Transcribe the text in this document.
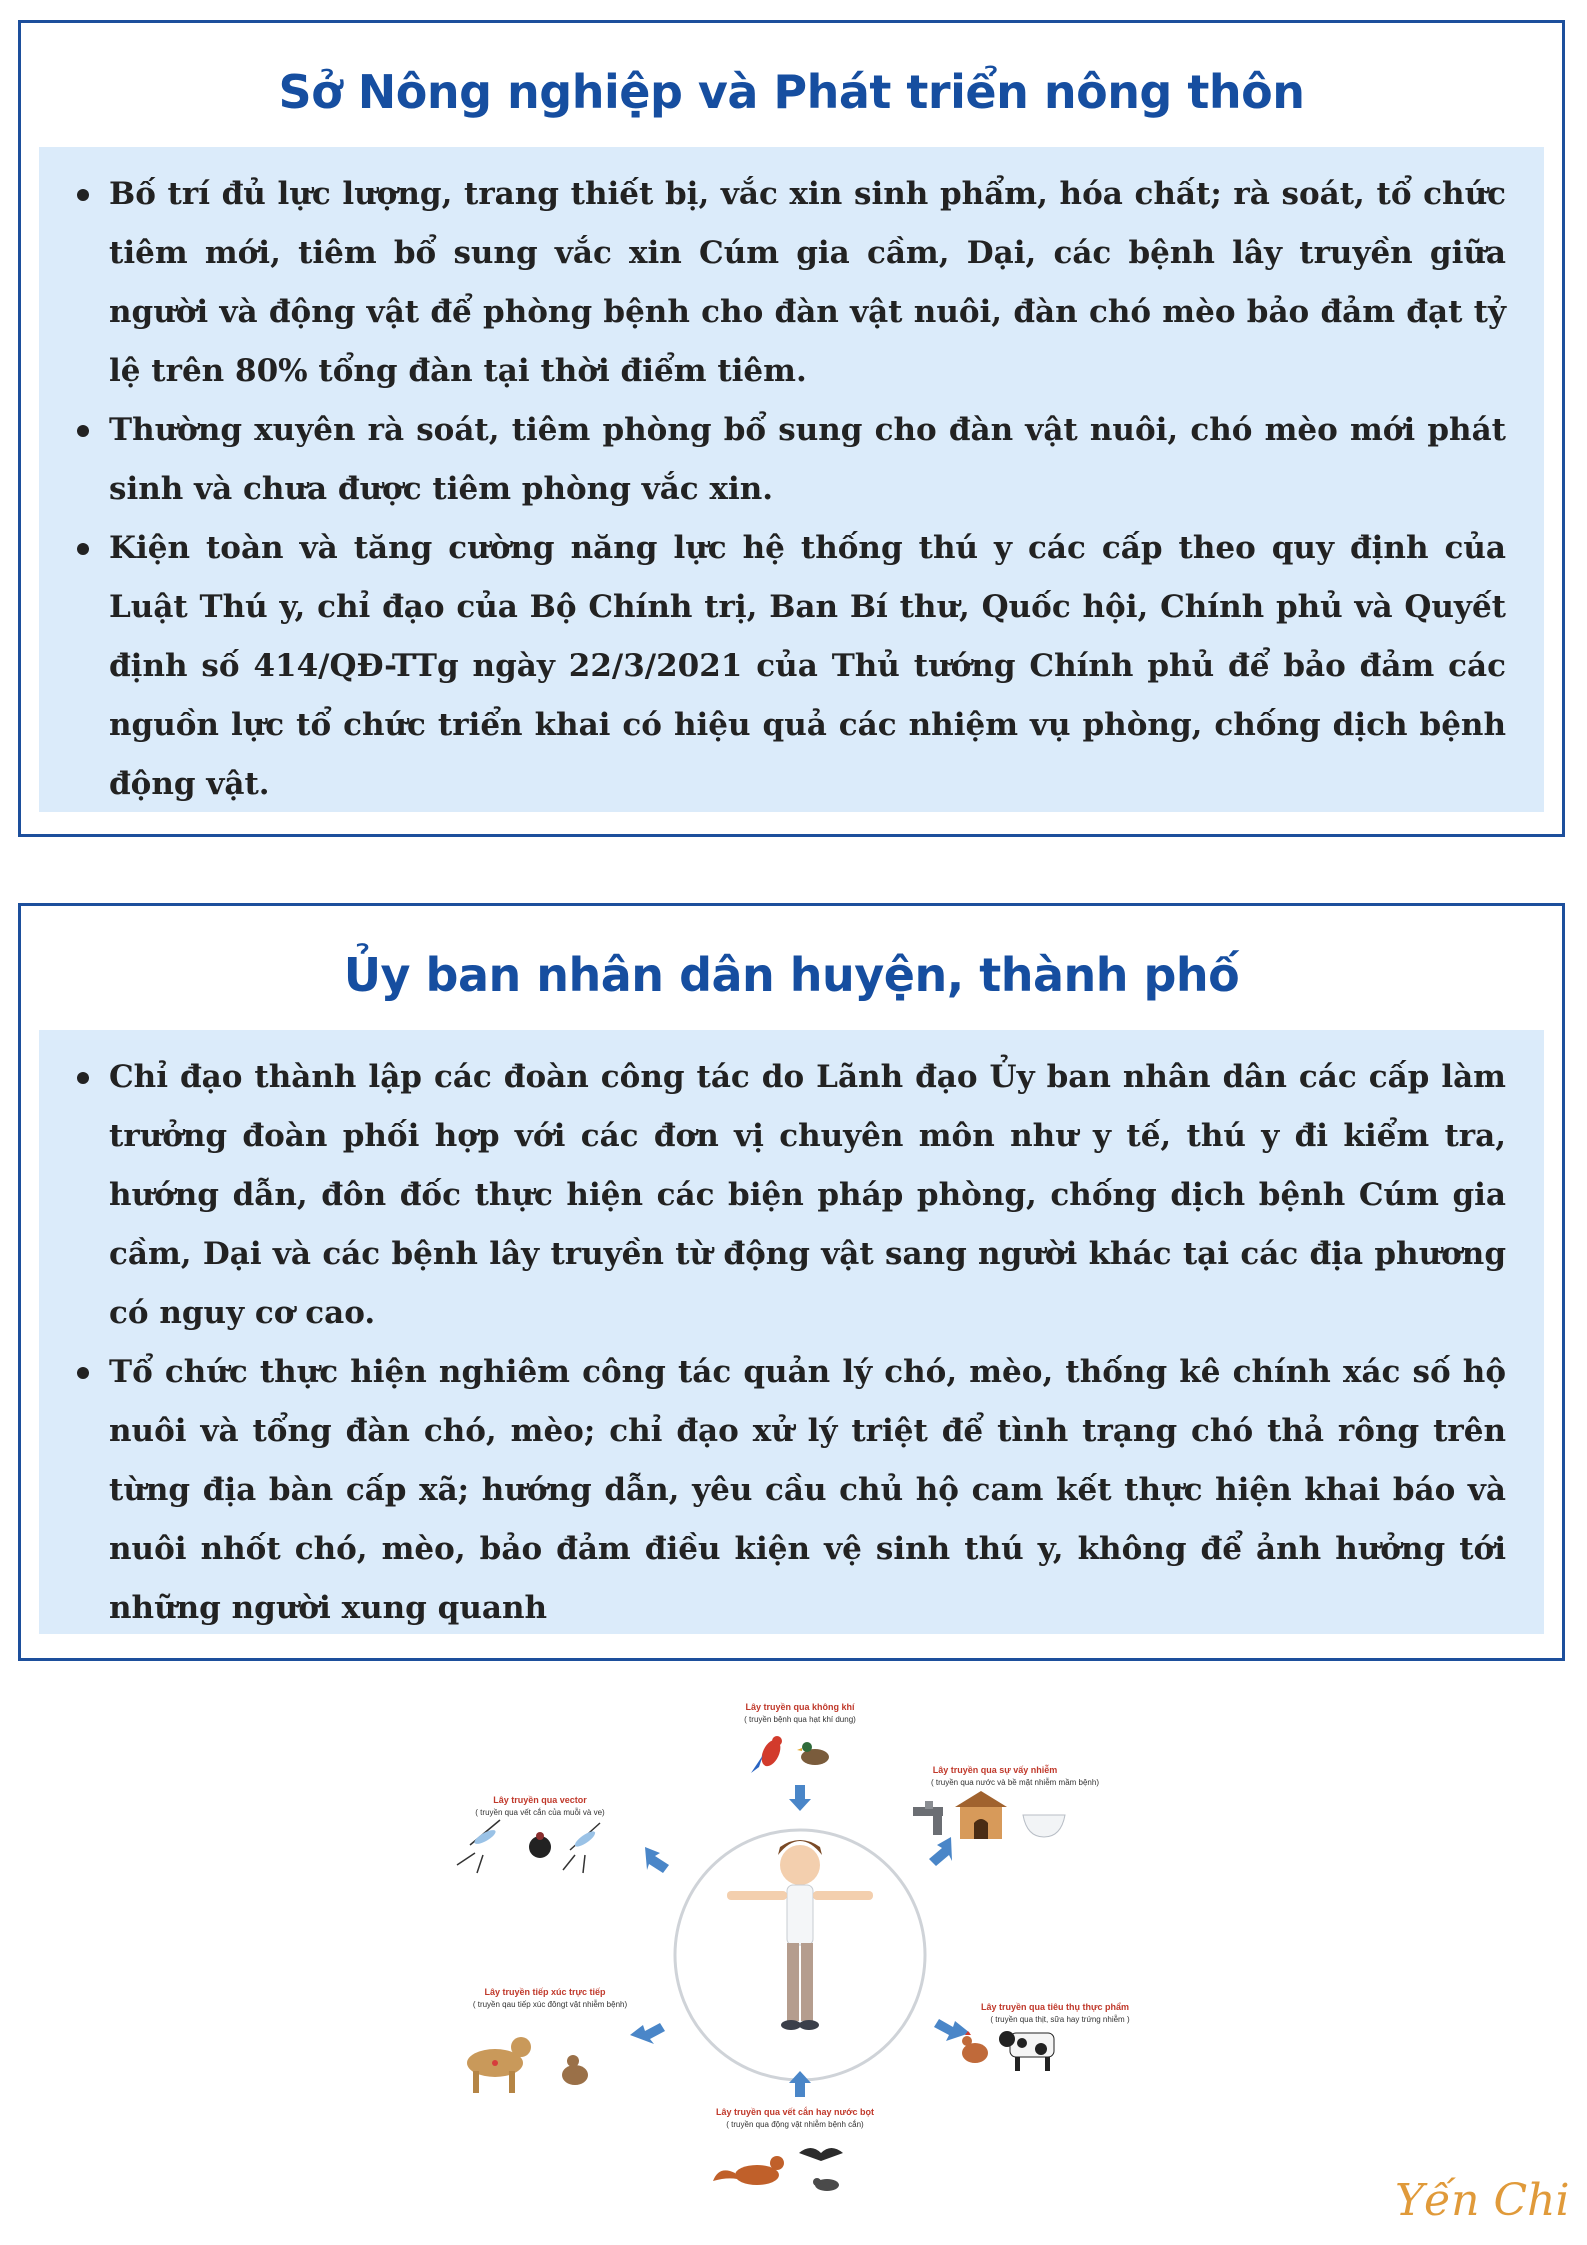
Sở Nông nghiệp và Phát triển nông thôn
Bố trí đủ lực lượng, trang thiết bị, vắc xin sinh phẩm, hóa chất; rà soát, tổ chức tiêm mới, tiêm bổ sung vắc xin Cúm gia cầm, Dại, các bệnh lây truyền giữa người và động vật để phòng bệnh cho đàn vật nuôi, đàn chó mèo bảo đảm đạt tỷ lệ trên 80% tổng đàn tại thời điểm tiêm.
Thường xuyên rà soát, tiêm phòng bổ sung cho đàn vật nuôi, chó mèo mới phát sinh và chưa được tiêm phòng vắc xin.
Kiện toàn và tăng cường năng lực hệ thống thú y các cấp theo quy định của Luật Thú y, chỉ đạo của Bộ Chính trị, Ban Bí thư, Quốc hội, Chính phủ và Quyết định số 414/QĐ-TTg ngày 22/3/2021 của Thủ tướng Chính phủ để bảo đảm các nguồn lực tổ chức triển khai có hiệu quả các nhiệm vụ phòng, chống dịch bệnh động vật.
Ủy ban nhân dân huyện, thành phố
Chỉ đạo thành lập các đoàn công tác do Lãnh đạo Ủy ban nhân dân các cấp làm trưởng đoàn phối hợp với các đơn vị chuyên môn như y tế, thú y đi kiểm tra, hướng dẫn, đôn đốc thực hiện các biện pháp phòng, chống dịch bệnh Cúm gia cầm, Dại và các bệnh lây truyền từ động vật sang người khác tại các địa phương có nguy cơ cao.
Tổ chức thực hiện nghiêm công tác quản lý chó, mèo, thống kê chính xác số hộ nuôi và tổng đàn chó, mèo; chỉ đạo xử lý triệt để tình trạng chó thả rông trên từng địa bàn cấp xã; hướng dẫn, yêu cầu chủ hộ cam kết thực hiện khai báo và nuôi nhốt chó, mèo, bảo đảm điều kiện vệ sinh thú y, không để ảnh hưởng tới những người xung quanh
Lây truyền qua không khí
( truyền bệnh qua hạt khí dung)
Lây truyền qua sự vấy nhiễm
( truyền qua nước và bề mặt nhiễm mầm bệnh)
Lây truyền qua vector
( truyền qua vết cắn của muỗi và ve)
Lây truyền tiếp xúc trực tiếp
( truyền qau tiếp xúc đôngt vật nhiễm bệnh)	Lây truyền qua tiêu thụ thực phẩm
( truyền qua thịt, sữa hay trứng nhiễm )
Lây truyền qua vết cắn hay nước bọt
( truyền qua động vật nhiễm bệnh cắn)
Yến Chi
